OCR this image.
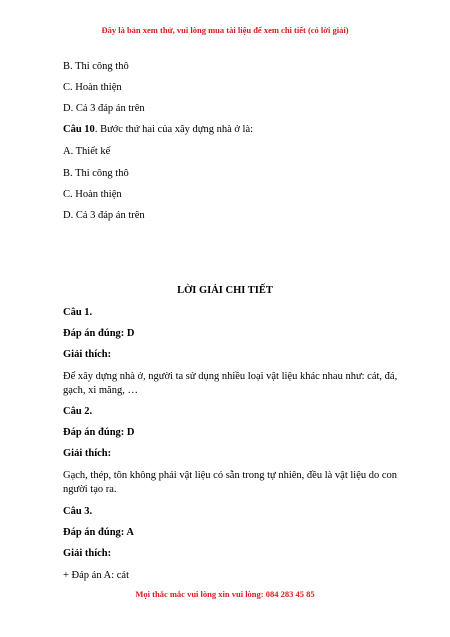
Đây là bản xem thử, vui lòng mua tài liệu để xem chi tiết (có lời giải)
B. Thi công thô
C. Hoàn thiện
D. Cả 3 đáp án trên
Câu 10. Bước thứ hai của xây dựng nhà ở là:
A. Thiết kế
B. Thi công thô
C. Hoàn thiện
D. Cả 3 đáp án trên
LỜI GIẢI CHI TIẾT
Câu 1.
Đáp án đúng: D
Giải thích:
Để xây dựng nhà ở, người ta sử dụng nhiều loại vật liệu khác nhau như: cát, đá, gạch, xi măng, …
Câu 2.
Đáp án đúng: D
Giải thích:
Gạch, thép, tôn không phải vật liệu có sẵn trong tự nhiên, đều là vật liệu do con người tạo ra.
Câu 3.
Đáp án đúng: A
Giải thích:
+ Đáp án A: cát
Mọi thắc mắc vui lòng xin vui lòng: 084 283 45 85
